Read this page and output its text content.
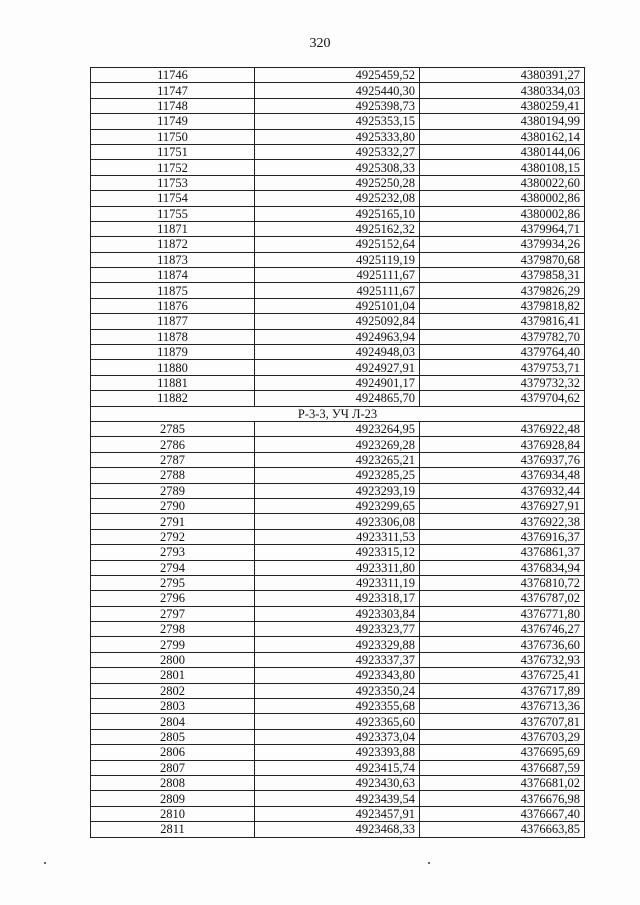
320
11746	4925459,52	4380391,27
11747	4925440,30	4380334,03
11748	4925398,73	4380259,41
11749	4925353,15	4380194,99
11750	4925333,80	4380162,14
11751	4925332,27	4380144,06
11752	4925308,33	4380108,15
11753	4925250,28	4380022,60
11754	4925232,08	4380002,86
11755	4925165,10	4380002,86
11871	4925162,32	4379964,71
11872	4925152,64	4379934,26
11873	4925119,19	4379870,68
11874	4925111,67	4379858,31
11875	4925111,67	4379826,29
11876	4925101,04	4379818,82
11877	4925092,84	4379816,41
11878	4924963,94	4379782,70
11879	4924948,03	4379764,40
11880	4924927,91	4379753,71
11881	4924901,17	4379732,32
11882	4924865,70	4379704,62
Р-3-3, УЧ Л-23		
2785	4923264,95	4376922,48
2786	4923269,28	4376928,84
2787	4923265,21	4376937,76
2788	4923285,25	4376934,48
2789	4923293,19	4376932,44
2790	4923299,65	4376927,91
2791	4923306,08	4376922,38
2792	4923311,53	4376916,37
2793	4923315,12	4376861,37
2794	4923311,80	4376834,94
2795	4923311,19	4376810,72
2796	4923318,17	4376787,02
2797	4923303,84	4376771,80
2798	4923323,77	4376746,27
2799	4923329,88	4376736,60
2800	4923337,37	4376732,93
2801	4923343,80	4376725,41
2802	4923350,24	4376717,89
2803	4923355,68	4376713,36
2804	4923365,60	4376707,81
2805	4923373,04	4376703,29
2806	4923393,88	4376695,69
2807	4923415,74	4376687,59
2808	4923430,63	4376681,02
2809	4923439,54	4376676,98
2810	4923457,91	4376667,40
2811	4923468,33	4376663,85
